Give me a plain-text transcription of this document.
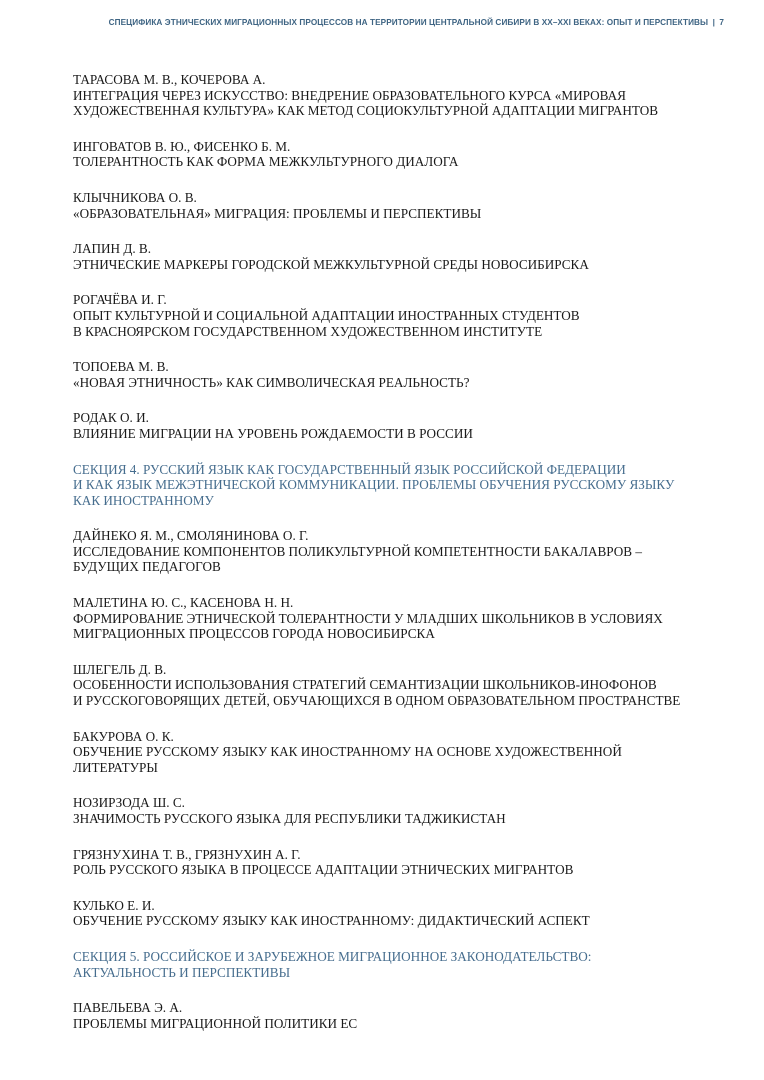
СПЕЦИФИКА ЭТНИЧЕСКИХ МИГРАЦИОННЫХ ПРОЦЕССОВ НА ТЕРРИТОРИИ ЦЕНТРАЛЬНОЙ СИБИРИ В XX–XXI ВЕКАХ: ОПЫТ И ПЕРСПЕКТИВЫ | 7
ТАРАСОВА М. В., КОЧЕРОВА А.
ИНТЕГРАЦИЯ ЧЕРЕЗ ИСКУССТВО: ВНЕДРЕНИЕ ОБРАЗОВАТЕЛЬНОГО КУРСА «МИРОВАЯ
ХУДОЖЕСТВЕННАЯ КУЛЬТУРА» КАК МЕТОД СОЦИОКУЛЬТУРНОЙ АДАПТАЦИИ МИГРАНТОВ
ИНГОВАТОВ В. Ю., ФИСЕНКО Б. М.
ТОЛЕРАНТНОСТЬ КАК ФОРМА МЕЖКУЛЬТУРНОГО ДИАЛОГА
КЛЫЧНИКОВА О. В.
«ОБРАЗОВАТЕЛЬНАЯ» МИГРАЦИЯ: ПРОБЛЕМЫ И ПЕРСПЕКТИВЫ
ЛАПИН Д. В.
ЭТНИЧЕСКИЕ МАРКЕРЫ ГОРОДСКОЙ МЕЖКУЛЬТУРНОЙ СРЕДЫ НОВОСИБИРСКА
РОГАЧЁВА И. Г.
ОПЫТ КУЛЬТУРНОЙ И СОЦИАЛЬНОЙ АДАПТАЦИИ ИНОСТРАННЫХ СТУДЕНТОВ
В КРАСНОЯРСКОМ ГОСУДАРСТВЕННОМ ХУДОЖЕСТВЕННОМ ИНСТИТУТЕ
ТОПОЕВА М. В.
«НОВАЯ ЭТНИЧНОСТЬ» КАК СИМВОЛИЧЕСКАЯ РЕАЛЬНОСТЬ?
РОДАК О. И.
ВЛИЯНИЕ МИГРАЦИИ НА УРОВЕНЬ РОЖДАЕМОСТИ В РОССИИ
СЕКЦИЯ 4. РУССКИЙ ЯЗЫК КАК ГОСУДАРСТВЕННЫЙ ЯЗЫК РОССИЙСКОЙ ФЕДЕРАЦИИ
И КАК ЯЗЫК МЕЖЭТНИЧЕСКОЙ КОММУНИКАЦИИ. ПРОБЛЕМЫ ОБУЧЕНИЯ РУССКОМУ ЯЗЫКУ
КАК ИНОСТРАННОМУ
ДАЙНЕКО Я. М., СМОЛЯНИНОВА О. Г.
ИССЛЕДОВАНИЕ КОМПОНЕНТОВ ПОЛИКУЛЬТУРНОЙ КОМПЕТЕНТНОСТИ БАКАЛАВРОВ –
БУДУЩИХ ПЕДАГОГОВ
МАЛЕТИНА Ю. С., КАСЕНОВА Н. Н.
ФОРМИРОВАНИЕ ЭТНИЧЕСКОЙ ТОЛЕРАНТНОСТИ У МЛАДШИХ ШКОЛЬНИКОВ В УСЛОВИЯХ
МИГРАЦИОННЫХ ПРОЦЕССОВ ГОРОДА НОВОСИБИРСКА
ШЛЕГЕЛЬ Д. В.
ОСОБЕННОСТИ ИСПОЛЬЗОВАНИЯ СТРАТЕГИЙ СЕМАНТИЗАЦИИ ШКОЛЬНИКОВ-ИНОФОНОВ
И РУССКОГОВОРЯЩИХ ДЕТЕЙ, ОБУЧАЮЩИХСЯ В ОДНОМ ОБРАЗОВАТЕЛЬНОМ ПРОСТРАНСТВЕ
БАКУРОВА О. К.
ОБУЧЕНИЕ РУССКОМУ ЯЗЫКУ КАК ИНОСТРАННОМУ НА ОСНОВЕ ХУДОЖЕСТВЕННОЙ
ЛИТЕРАТУРЫ
НОЗИРЗОДА Ш. С.
ЗНАЧИМОСТЬ РУССКОГО ЯЗЫКА ДЛЯ РЕСПУБЛИКИ ТАДЖИКИСТАН
ГРЯЗНУХИНА Т. В., ГРЯЗНУХИН А. Г.
РОЛЬ РУССКОГО ЯЗЫКА В ПРОЦЕССЕ АДАПТАЦИИ ЭТНИЧЕСКИХ МИГРАНТОВ
КУЛЬКО Е. И.
ОБУЧЕНИЕ РУССКОМУ ЯЗЫКУ КАК ИНОСТРАННОМУ: ДИДАКТИЧЕСКИЙ АСПЕКТ
СЕКЦИЯ 5. РОССИЙСКОЕ И ЗАРУБЕЖНОЕ МИГРАЦИОННОЕ ЗАКОНОДАТЕЛЬСТВО:
АКТУАЛЬНОСТЬ И ПЕРСПЕКТИВЫ
ПАВЕЛЬЕВА Э. А.
ПРОБЛЕМЫ МИГРАЦИОННОЙ ПОЛИТИКИ ЕС
